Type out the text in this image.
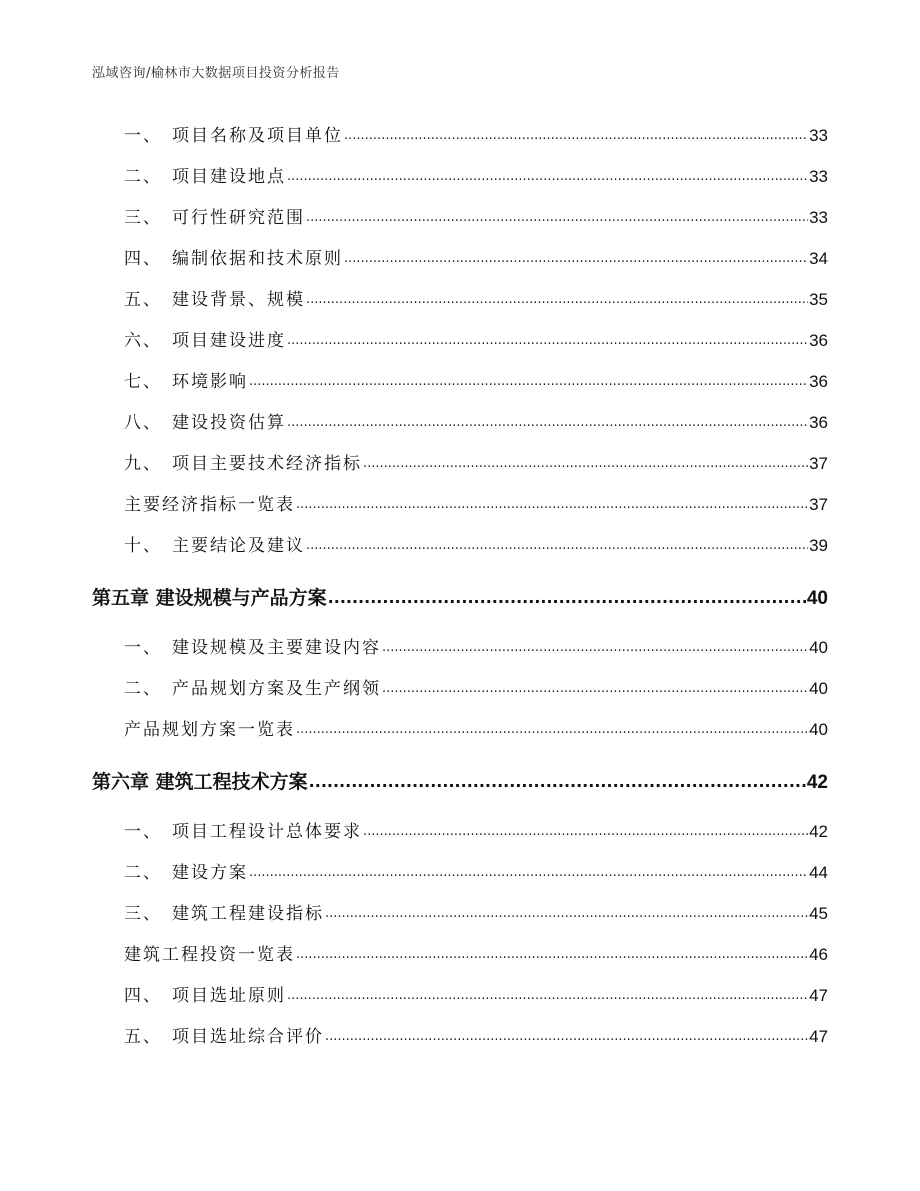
泓域咨询/榆林市大数据项目投资分析报告
一、 项目名称及项目单位 .....	33
二、 项目建设地点 .....	33
三、 可行性研究范围 .....	33
四、 编制依据和技术原则 .....	34
五、 建设背景、规模 .....	35
六、 项目建设进度 .....	36
七、 环境影响 .....	36
八、 建设投资估算 .....	36
九、 项目主要技术经济指标 .....	37
主要经济指标一览表 .....	37
十、 主要结论及建议 .....	39
第五章 建设规模与产品方案 .....	40
一、 建设规模及主要建设内容 .....	40
二、 产品规划方案及生产纲领 .....	40
产品规划方案一览表 .....	40
第六章 建筑工程技术方案 .....	42
一、 项目工程设计总体要求 .....	42
二、 建设方案 .....	44
三、 建筑工程建设指标 .....	45
建筑工程投资一览表 .....	46
四、 项目选址原则 .....	47
五、 项目选址综合评价 .....	47
